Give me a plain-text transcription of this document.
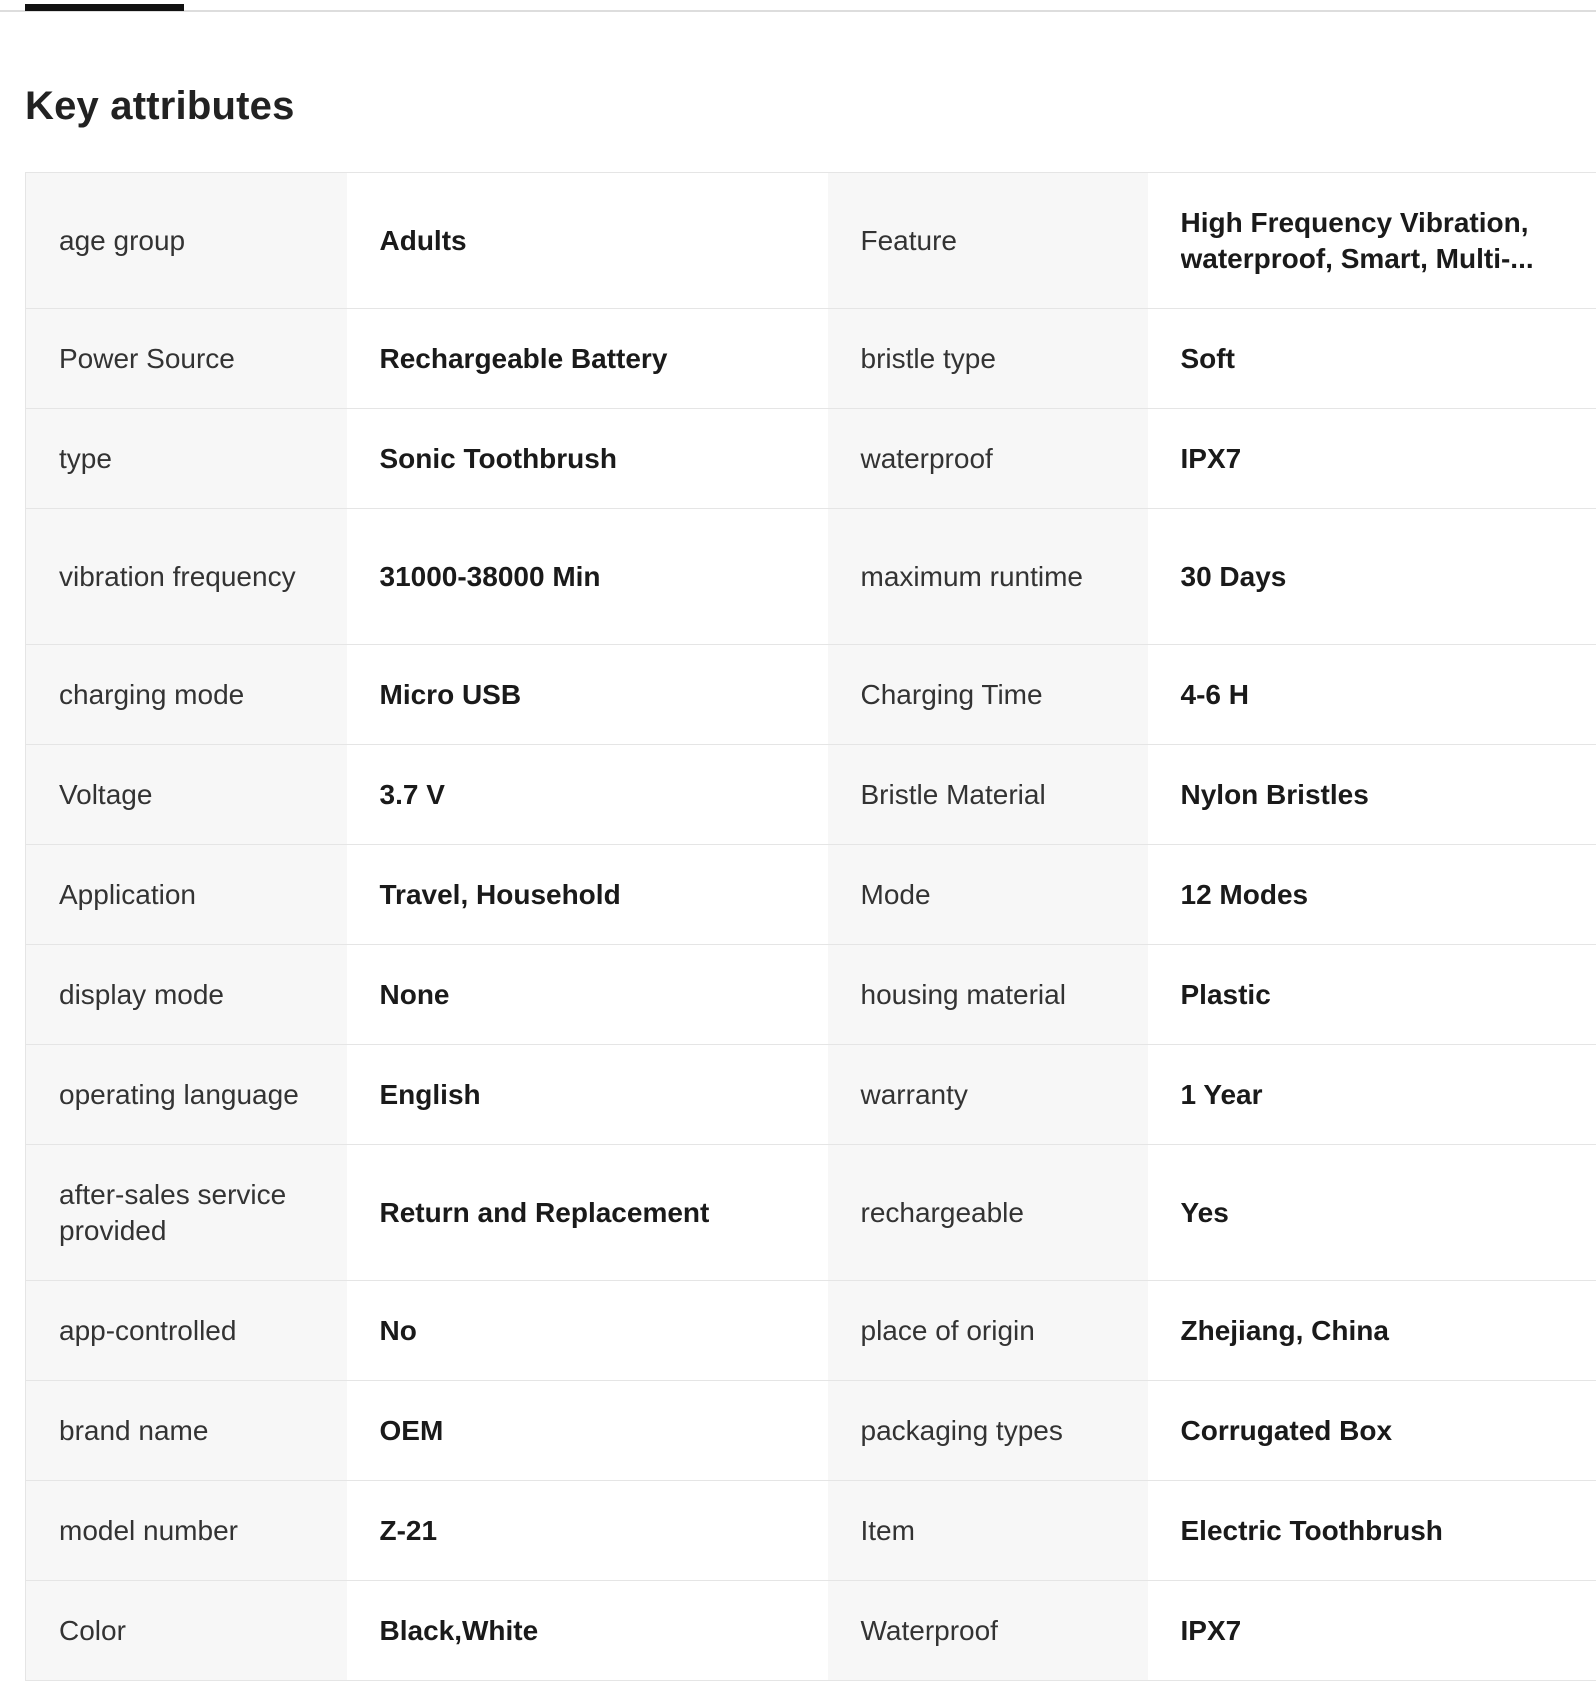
Key attributes
age group	Adults	Feature	High Frequency Vibration, waterproof, Smart, Multi-...

Power Source	Rechargeable Battery	bristle type	Soft
type	Sonic Toothbrush	waterproof	IPX7
vibration frequency	31000-38000 Min	maximum runtime	30 Days
charging mode	Micro USB	Charging Time	4-6 H
Voltage	3.7 V	Bristle Material	Nylon Bristles
Application	Travel, Household	Mode	12 Modes
display mode	None	housing material	Plastic
operating language	English	warranty	1 Year
after-sales service provided	Return and Replacement	rechargeable	Yes
app-controlled	No	place of origin	Zhejiang, China
brand name	OEM	packaging types	Corrugated Box
model number	Z-21	Item	Electric Toothbrush
Color	Black,White	Waterproof	IPX7
